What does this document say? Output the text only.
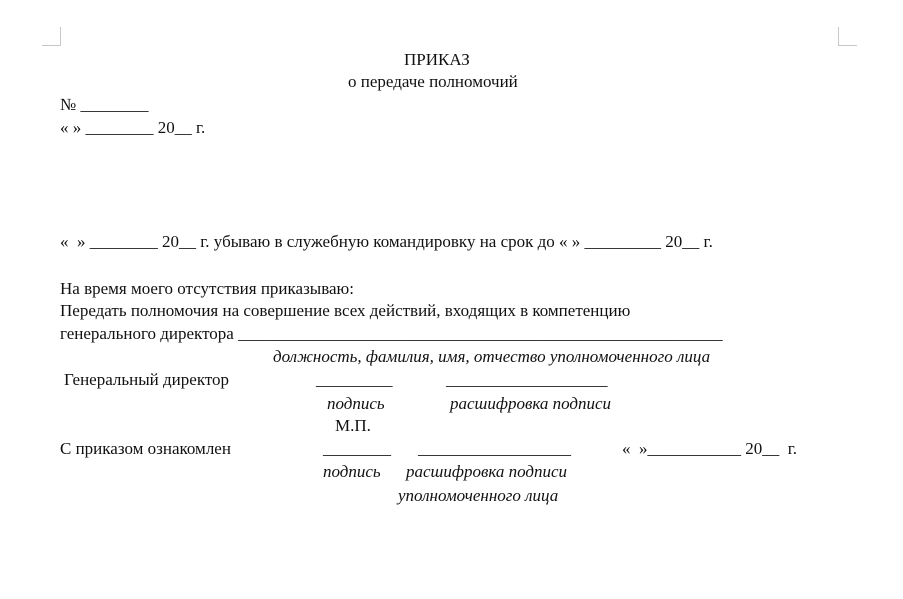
ПРИКАЗ
о передаче полномочий
№ ________
« » ________ 20__ г.
«  » ________ 20__ г. убываю в служебную командировку на срок до « » _________ 20__ г.
На время моего отсутствия приказываю:
Передать полномочия на совершение всех действий, входящих в компетенцию
генерального директора _________________________________________________________
должность, фамилия, имя, отчество уполномоченного лица
Генеральный директор	_________	___________________
подпись	расшифровка подписи
М.П.
С приказом ознакомлен	________ __________________	«  »___________ 20__  г.
подпись расшифровка подписи
уполномоченного лица
